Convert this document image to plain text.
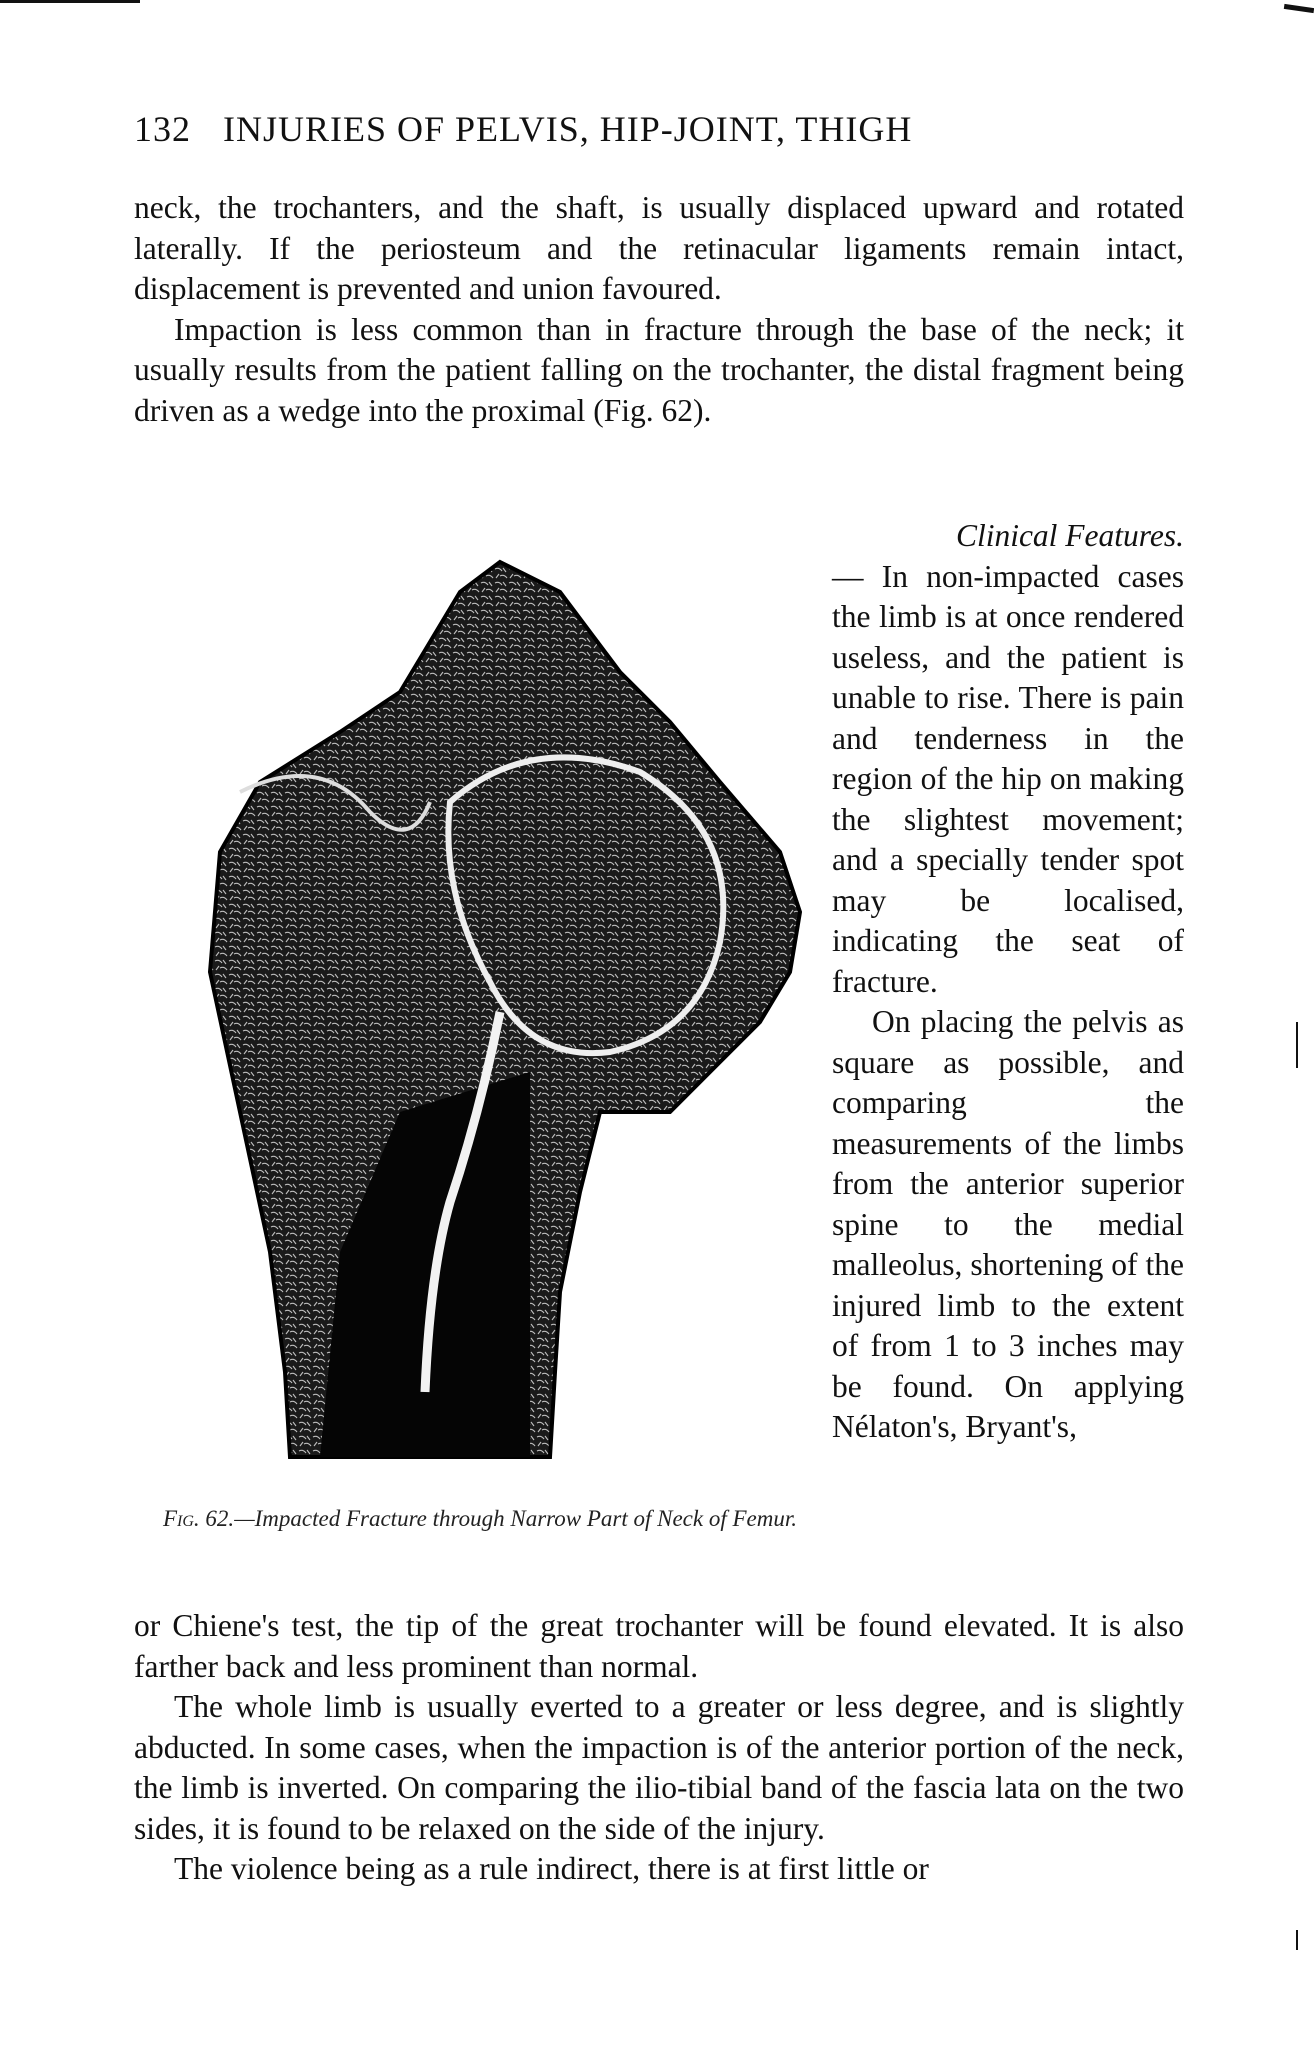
132 INJURIES OF PELVIS, HIP-JOINT, THIGH

neck, the trochanters, and the shaft, is usually displaced upward and rotated laterally. If the periosteum and the retinacular ligaments remain intact, displacement is prevented and union favoured.

Impaction is less common than in fracture through the base of the neck; it usually results from the patient falling on the trochanter, the distal fragment being driven as a wedge into the proximal (Fig. 62).

Fig. 62.—Impacted Fracture through Narrow Part of Neck of Femur.

Clinical Features.

— In non-impacted cases the limb is at once rendered useless, and the patient is unable to rise. There is pain and tenderness in the region of the hip on making the slightest movement; and a specially tender spot may be localised, indicating the seat of fracture.

On placing the pelvis as square as possible, and comparing the measurements of the limbs from the anterior superior spine to the medial malleolus, shortening of the injured limb to the extent of from 1 to 3 inches may be found. On applying Nélaton's, Bryant's,

or Chiene's test, the tip of the great trochanter will be found elevated. It is also farther back and less prominent than normal.

The whole limb is usually everted to a greater or less degree, and is slightly abducted. In some cases, when the impaction is of the anterior portion of the neck, the limb is inverted. On comparing the ilio-tibial band of the fascia lata on the two sides, it is found to be relaxed on the side of the injury.

The violence being as a rule indirect, there is at first little or
